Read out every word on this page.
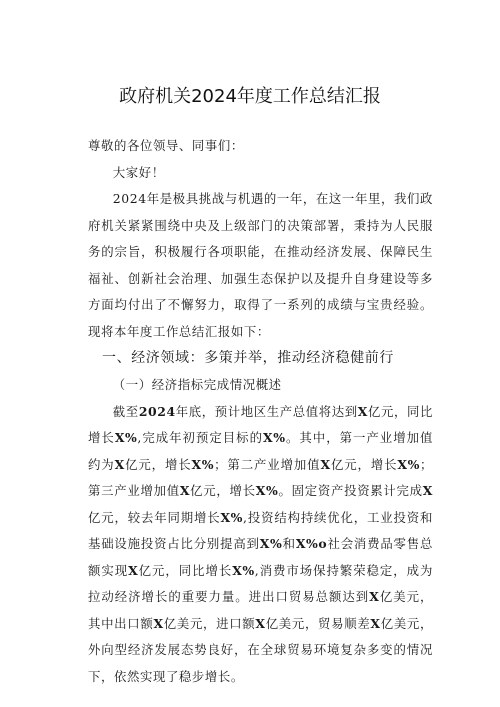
政府机关2024年度工作总结汇报

尊敬的各位领导、同事们：

大家好！

2024年是极具挑战与机遇的一年，在这一年里，我们政府机关紧紧围绕中央及上级部门的决策部署，秉持为人民服务的宗旨，积极履行各项职能，在推动经济发展、保障民生福祉、创新社会治理、加强生态保护以及提升自身建设等多方面均付出了不懈努力，取得了一系列的成绩与宝贵经验。现将本年度工作总结汇报如下：

一、经济领域：多策并举，推动经济稳健前行

（一）经济指标完成情况概述

截至2024年底，预计地区生产总值将达到X亿元，同比增长X%,完成年初预定目标的X%。其中，第一产业增加值约为X亿元，增长X%；第二产业增加值X亿元，增长X%；第三产业增加值X亿元，增长X%。固定资产投资累计完成X亿元，较去年同期增长X%,投资结构持续优化，工业投资和基础设施投资占比分别提高到X%和X%o社会消费品零售总额实现X亿元，同比增长X%,消费市场保持繁荣稳定，成为拉动经济增长的重要力量。进出口贸易总额达到X亿美元，其中出口额X亿美元，进口额X亿美元，贸易顺差X亿美元，外向型经济发展态势良好，在全球贸易环境复杂多变的情况下，依然实现了稳步增长。
